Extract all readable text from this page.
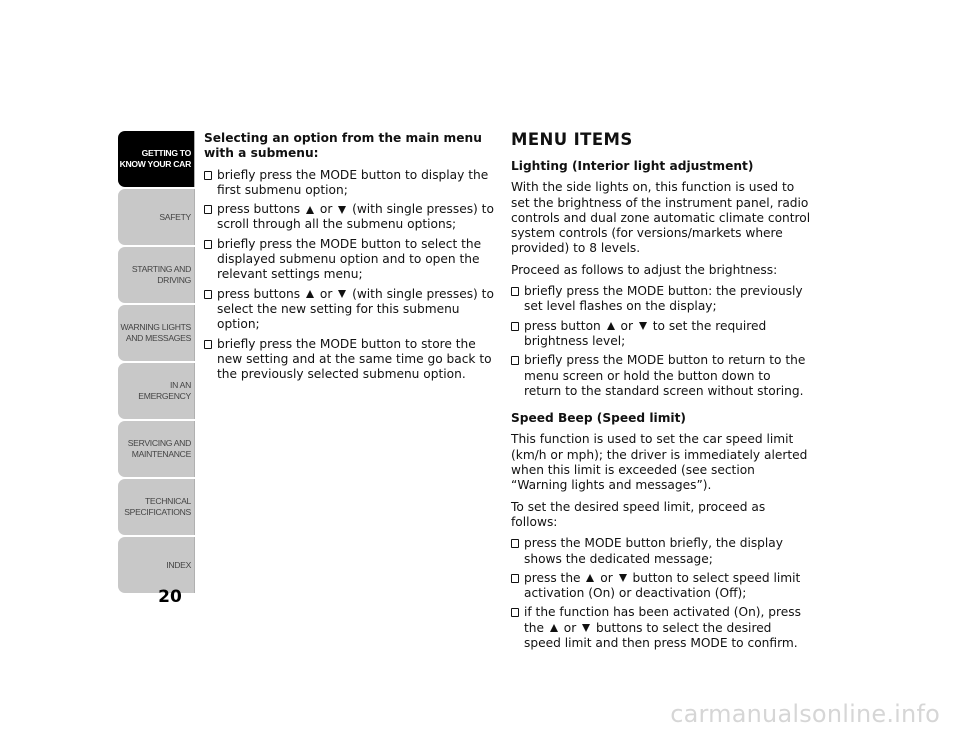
GETTING TO
KNOW YOUR CAR
SAFETY
STARTING AND
DRIVING
WARNING LIGHTS
AND MESSAGES
IN AN EMERGENCY
SERVICING AND
MAINTENANCE
TECHNICAL
SPECIFICATIONS
INDEX
20

Selecting an option from the main menu with a submenu:

briefly press the MODE button to display the first submenu option;
press buttons  or  (with single presses) to scroll through all the submenu options;
briefly press the MODE button to select the displayed submenu option and to open the relevant settings menu;
press buttons  or  (with single presses) to select the new setting for this submenu option;
briefly press the MODE button to store the new setting and at the same time go back to the previously selected submenu option.
MENU ITEMS

Lighting (Interior light adjustment)

With the side lights on, this function is used to set the brightness of the instrument panel, radio controls and dual zone automatic climate control system controls (for versions/markets where provided) to 8 levels.

Proceed as follows to adjust the brightness:

briefly press the MODE button: the previously set level flashes on the display;
press button  or  to set the required brightness level;
briefly press the MODE button to return to the menu screen or hold the button down to return to the standard screen without storing.

Speed Beep (Speed limit)

This function is used to set the car speed limit (km/h or mph); the driver is immediately alerted when this limit is exceeded (see section “Warning lights and messages”).

To set the desired speed limit, proceed as follows:

press the MODE button briefly, the display shows the dedicated message;
press the  or  button to select speed limit activation (On) or deactivation (Off);
if the function has been activated (On), press the  or  buttons to select the desired speed limit and then press MODE to confirm.
carmanualsonline.info
